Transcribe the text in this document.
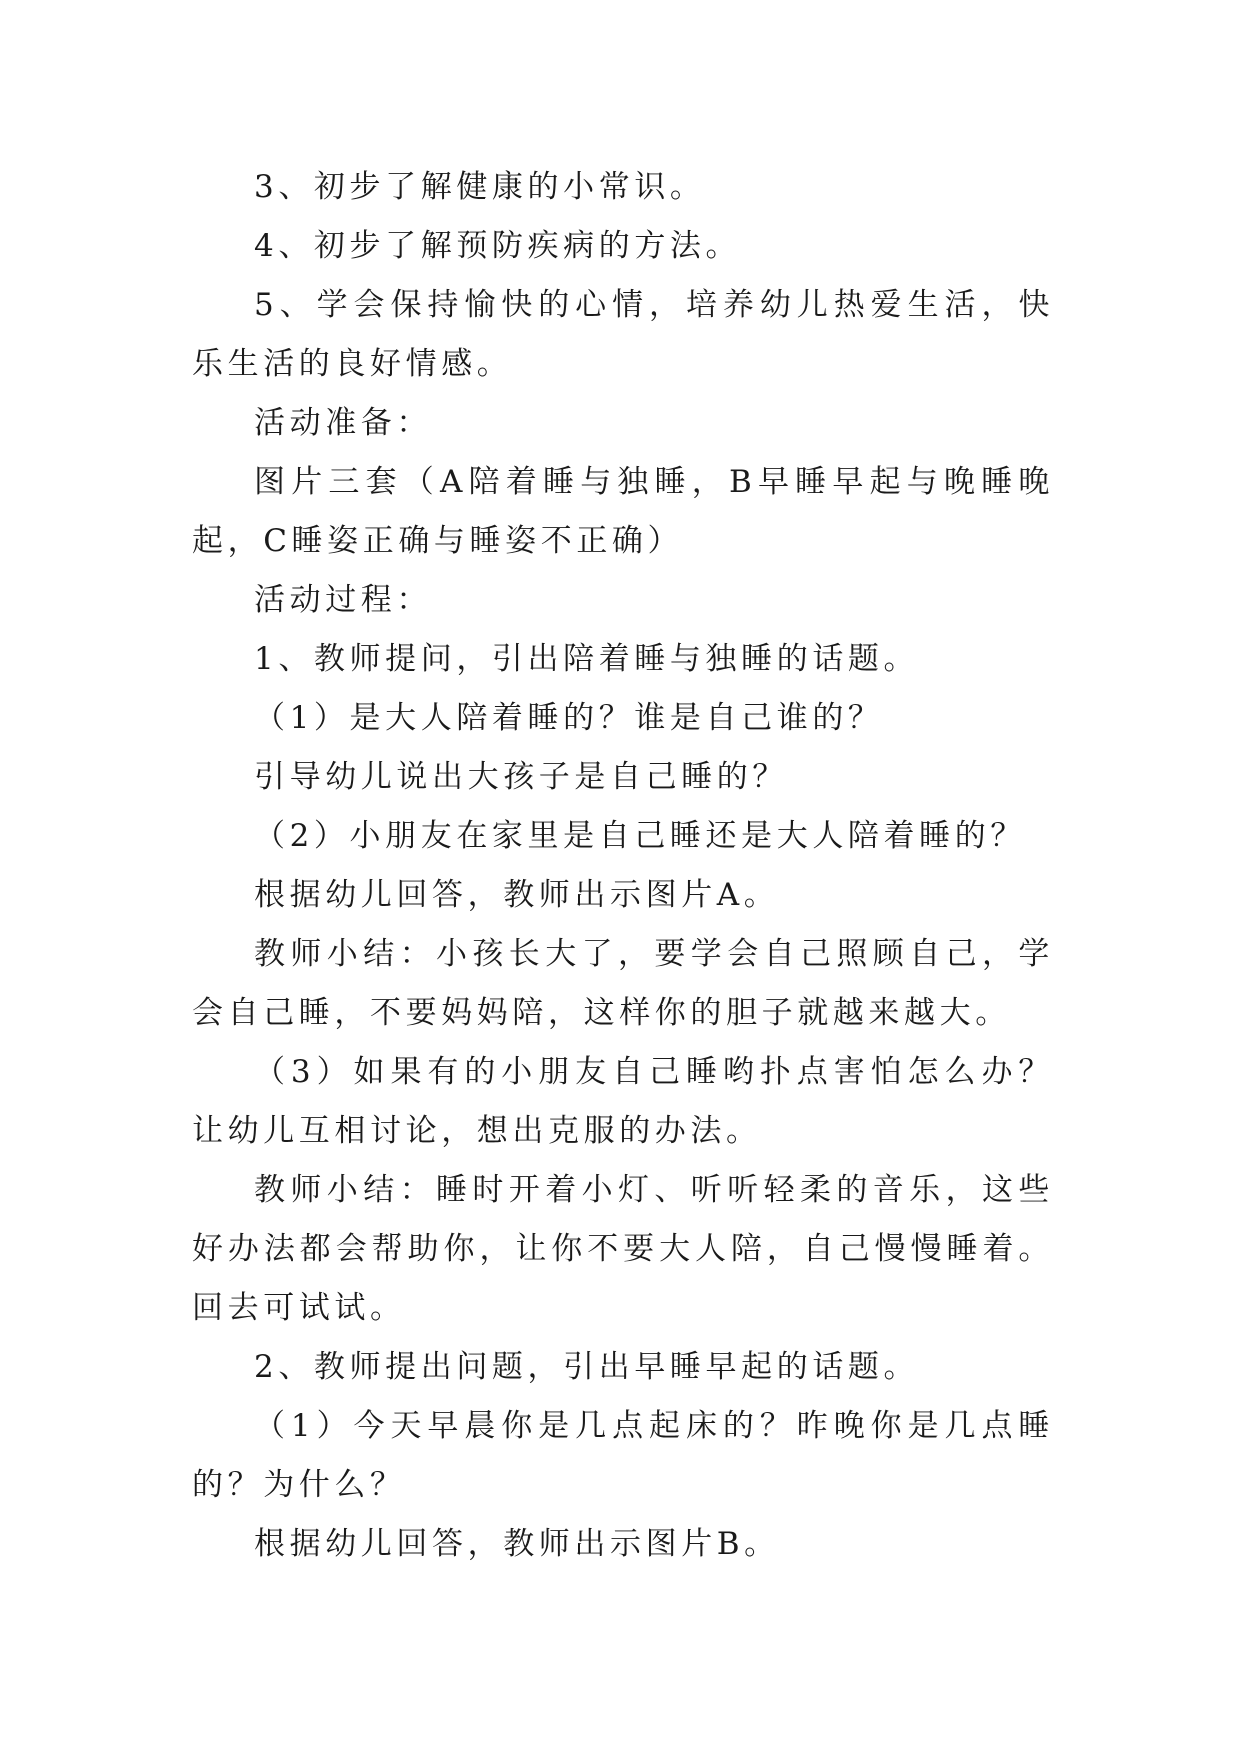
3、初步了解健康的小常识。

4、初步了解预防疾病的方法。

5、学会保持愉快的心情，培养幼儿热爱生活，快乐生活的良好情感。

活动准备：

图片三套（A陪着睡与独睡，B早睡早起与晚睡晚起，C睡姿正确与睡姿不正确）

活动过程：

1、教师提问，引出陪着睡与独睡的话题。

（1）是大人陪着睡的？谁是自己谁的？

引导幼儿说出大孩子是自己睡的？

（2）小朋友在家里是自己睡还是大人陪着睡的？

根据幼儿回答，教师出示图片A。

教师小结：小孩长大了，要学会自己照顾自己，学会自己睡，不要妈妈陪，这样你的胆子就越来越大。

（3）如果有的小朋友自己睡哟扑点害怕怎么办？让幼儿互相讨论，想出克服的办法。

教师小结：睡时开着小灯、听听轻柔的音乐，这些好办法都会帮助你，让你不要大人陪，自己慢慢睡着。回去可试试。

2、教师提出问题，引出早睡早起的话题。

（1）今天早晨你是几点起床的？昨晚你是几点睡的？为什么？

根据幼儿回答，教师出示图片B。
